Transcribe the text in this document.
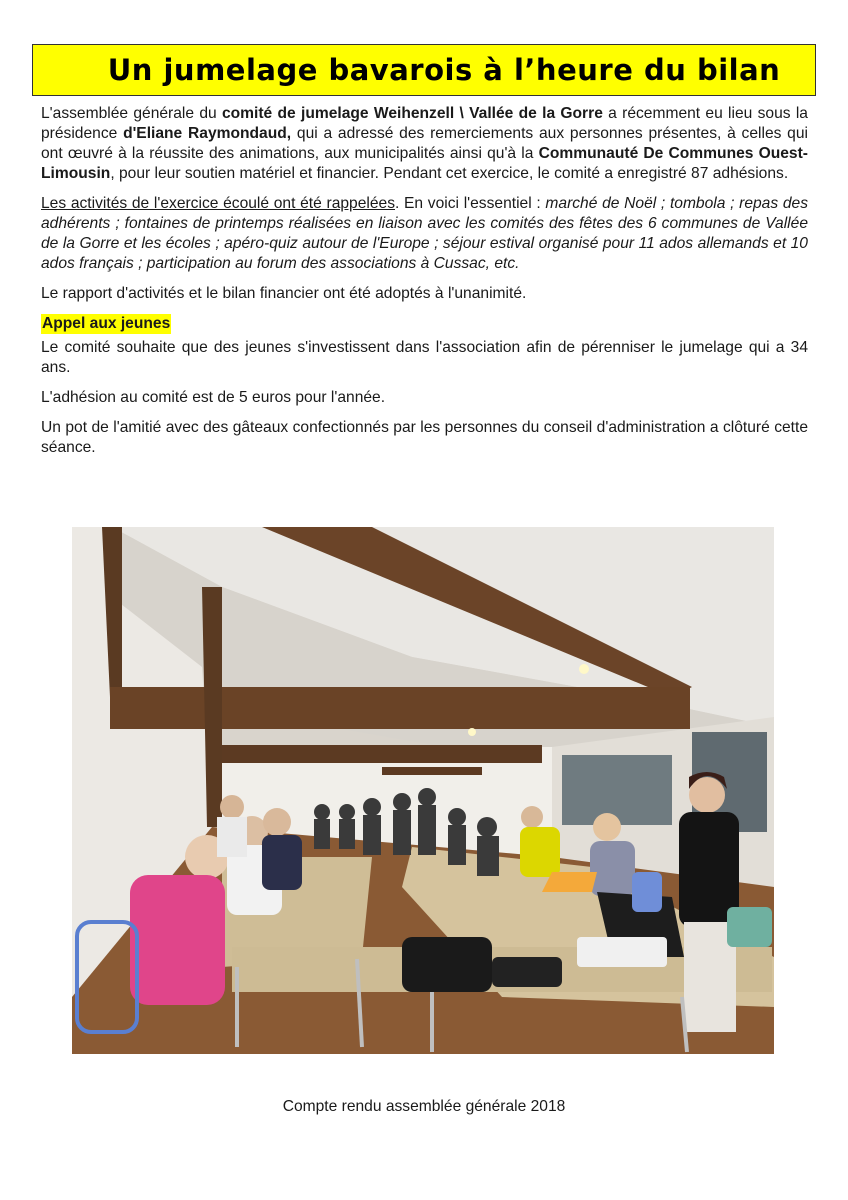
Un jumelage bavarois à l’heure du bilan

L'assemblée générale du comité de jumelage Weihenzell \ Vallée de la Gorre a récemment eu lieu sous la présidence d'Eliane Raymondaud, qui a adressé des remerciements aux personnes présentes, à celles qui ont œuvré à la réussite des animations, aux municipalités ainsi qu'à la Communauté De Communes Ouest-Limousin, pour leur soutien matériel et financier. Pendant cet exercice, le comité a enregistré 87 adhésions.

Les activités de l'exercice écoulé ont été rappelées. En voici l'essentiel : marché de Noël ; tombola ; repas des adhérents ; fontaines de printemps réalisées en liaison avec les comités des fêtes des 6 communes de Vallée de la Gorre et les écoles ; apéro-quiz autour de l'Europe ; séjour estival organisé pour 11 ados allemands et 10 ados français ; participation au forum des associations à Cussac, etc.

Le rapport d'activités et le bilan financier ont été adoptés à l'unanimité.

Appel aux jeunes

Le comité souhaite que des jeunes s'investissent dans l'association afin de pérenniser le jumelage qui a 34 ans.

L'adhésion au comité est de 5 euros pour l'année.

Un pot de l'amitié avec des gâteaux confectionnés par les personnes du conseil d'administration a clôturé cette séance.

Compte rendu assemblée générale 2018
